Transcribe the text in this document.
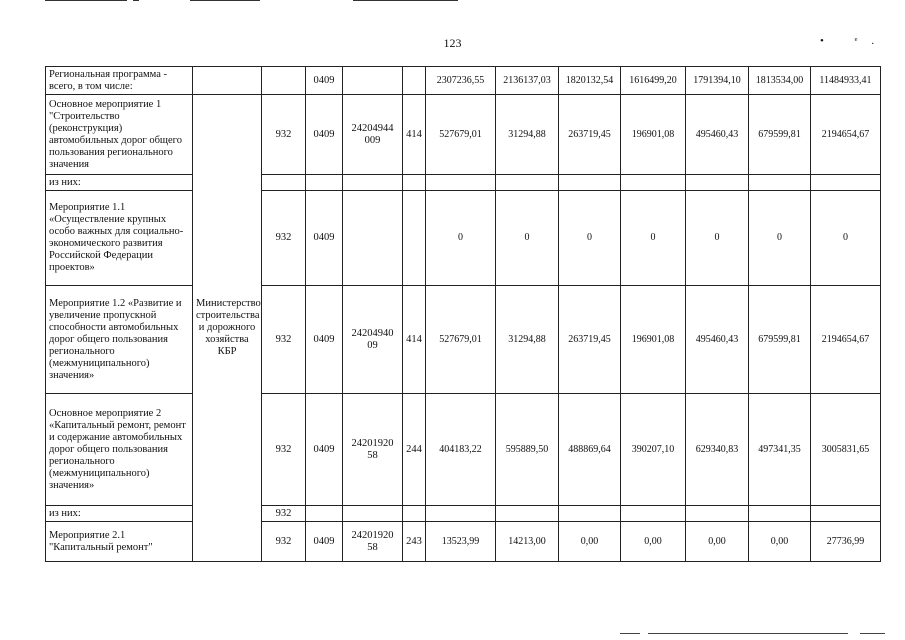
123	• ᵉ.
Региональная программа - всего, в том числе:			0409			2307236,55	2136137,03	1820132,54	1616499,20	1791394,10	1813534,00	11484933,41
Основное мероприятие 1 "Строительство (реконструкция) автомобильных дорог общего пользования регионального значения	Министерство строительства и дорожного хозяйства КБР	932	0409	24204944 009	414	527679,01	31294,88	263719,45	196901,08	495460,43	679599,81	2194654,67
из них:												
Мероприятие 1.1 «Осуществление крупных особо важных для социально-экономического развития Российской Федерации проектов»		932	0409			0	0	0	0	0	0	0
Мероприятие 1.2 «Развитие и увеличение пропускной способности автомобильных дорог общего пользования регионального (межмуниципального) значения»		932	0409	24204940 09	414	527679,01	31294,88	263719,45	196901,08	495460,43	679599,81	2194654,67
Основное мероприятие 2 «Капитальный ремонт, ремонт и содержание автомобильных дорог общего пользования регионального (межмуниципального) значения»		932	0409	24201920 58	244	404183,22	595889,50	488869,64	390207,10	629340,83	497341,35	3005831,65
из них:		932										
Мероприятие 2.1 "Капитальный ремонт"		932	0409	24201920 58	243	13523,99	14213,00	0,00	0,00	0,00	0,00	27736,99
